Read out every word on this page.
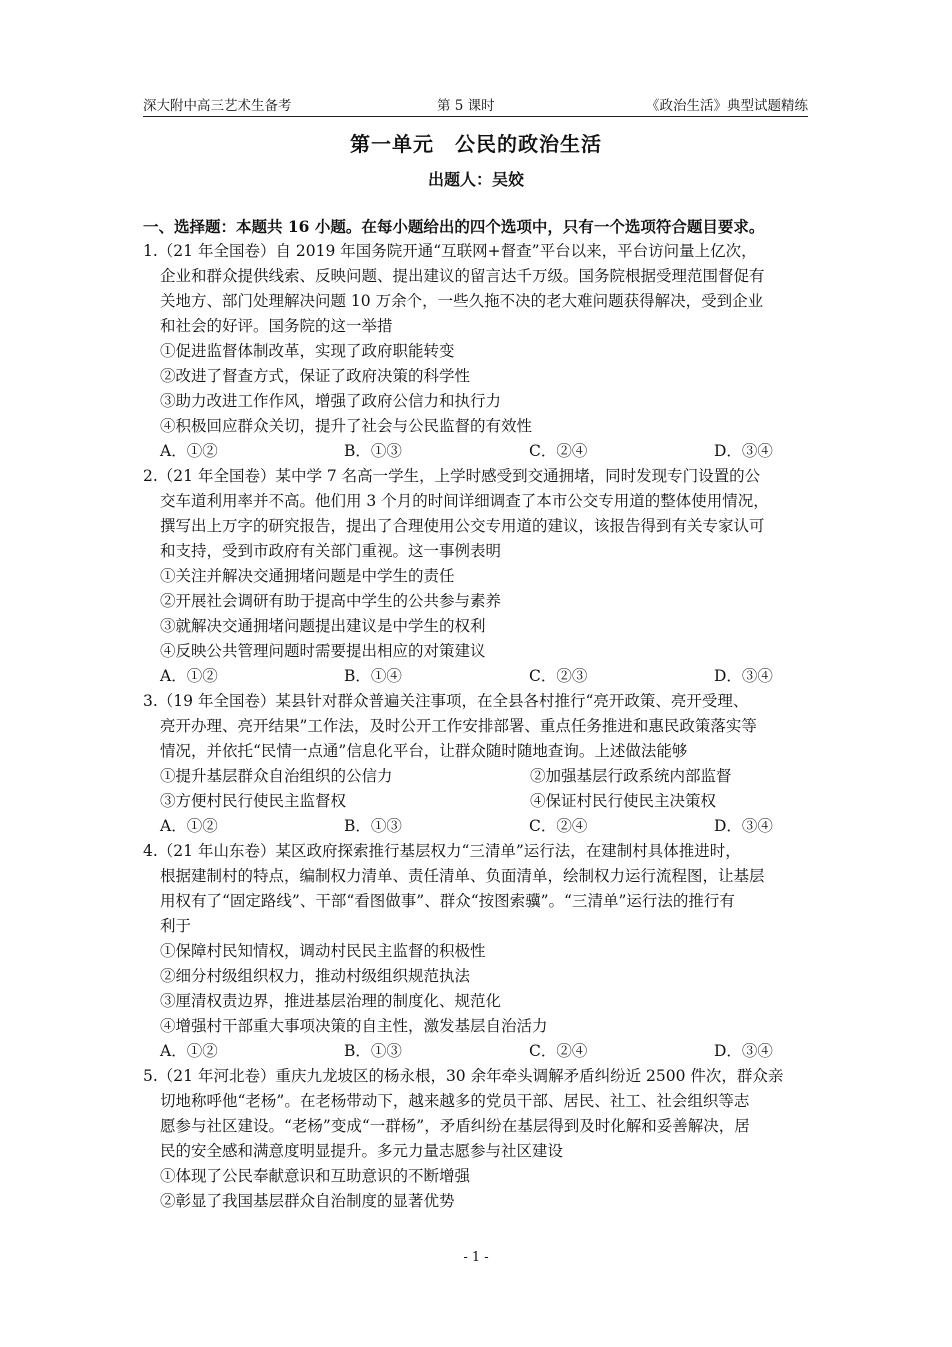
深大附中高三艺术生备考	第 5 课时	《政治生活》典型试题精练
第一单元　公民的政治生活
出题人：吴姣
一、选择题：本题共 16 小题。在每小题给出的四个选项中，只有一个选项符合题目要求。
1.（21 年全国卷）自 2019 年国务院开通“互联网+督查”平台以来，平台访问量上亿次，
企业和群众提供线索、反映问题、提出建议的留言达千万级。国务院根据受理范围督促有
关地方、部门处理解决问题 10 万余个，一些久拖不决的老大难问题获得解决，受到企业
和社会的好评。国务院的这一举措
①促进监督体制改革，实现了政府职能转变
②改进了督查方式，保证了政府决策的科学性
③助力改进工作作风，增强了政府公信力和执行力
④积极回应群众关切，提升了社会与公民监督的有效性
A．①②	B．①③	C．②④	D．③④
2.（21 年全国卷）某中学 7 名高一学生，上学时感受到交通拥堵，同时发现专门设置的公
交车道利用率并不高。他们用 3 个月的时间详细调查了本市公交专用道的整体使用情况，
撰写出上万字的研究报告，提出了合理使用公交专用道的建议，该报告得到有关专家认可
和支持，受到市政府有关部门重视。这一事例表明
①关注并解决交通拥堵问题是中学生的责任
②开展社会调研有助于提高中学生的公共参与素养
③就解决交通拥堵问题提出建议是中学生的权利
④反映公共管理问题时需要提出相应的对策建议
A．①②	B．①④	C．②③	D．③④
3.（19 年全国卷）某县针对群众普遍关注事项，在全县各村推行“亮开政策、亮开受理、
亮开办理、亮开结果”工作法，及时公开工作安排部署、重点任务推进和惠民政策落实等
情况，并依托“民情一点通”信息化平台，让群众随时随地查询。上述做法能够
①提升基层群众自治组织的公信力	②加强基层行政系统内部监督
③方便村民行使民主监督权	④保证村民行使民主决策权
A．①②	B．①③	C．②④	D．③④
4.（21 年山东卷）某区政府探索推行基层权力“三清单”运行法，在建制村具体推进时，
根据建制村的特点，编制权力清单、责任清单、负面清单，绘制权力运行流程图，让基层
用权有了“固定路线”、干部“看图做事”、群众“按图索骥”。“三清单”运行法的推行有
利于
①保障村民知情权，调动村民民主监督的积极性
②细分村级组织权力，推动村级组织规范执法
③厘清权责边界，推进基层治理的制度化、规范化
④增强村干部重大事项决策的自主性，激发基层自治活力
A．①②	B．①③	C．②④	D．③④
5.（21 年河北卷）重庆九龙坡区的杨永根，30 余年牵头调解矛盾纠纷近 2500 件次，群众亲
切地称呼他“老杨”。在老杨带动下，越来越多的党员干部、居民、社工、社会组织等志
愿参与社区建设。“老杨”变成“一群杨”，矛盾纠纷在基层得到及时化解和妥善解决，居
民的安全感和满意度明显提升。多元力量志愿参与社区建设
①体现了公民奉献意识和互助意识的不断增强
②彰显了我国基层群众自治制度的显著优势
- 1 -
